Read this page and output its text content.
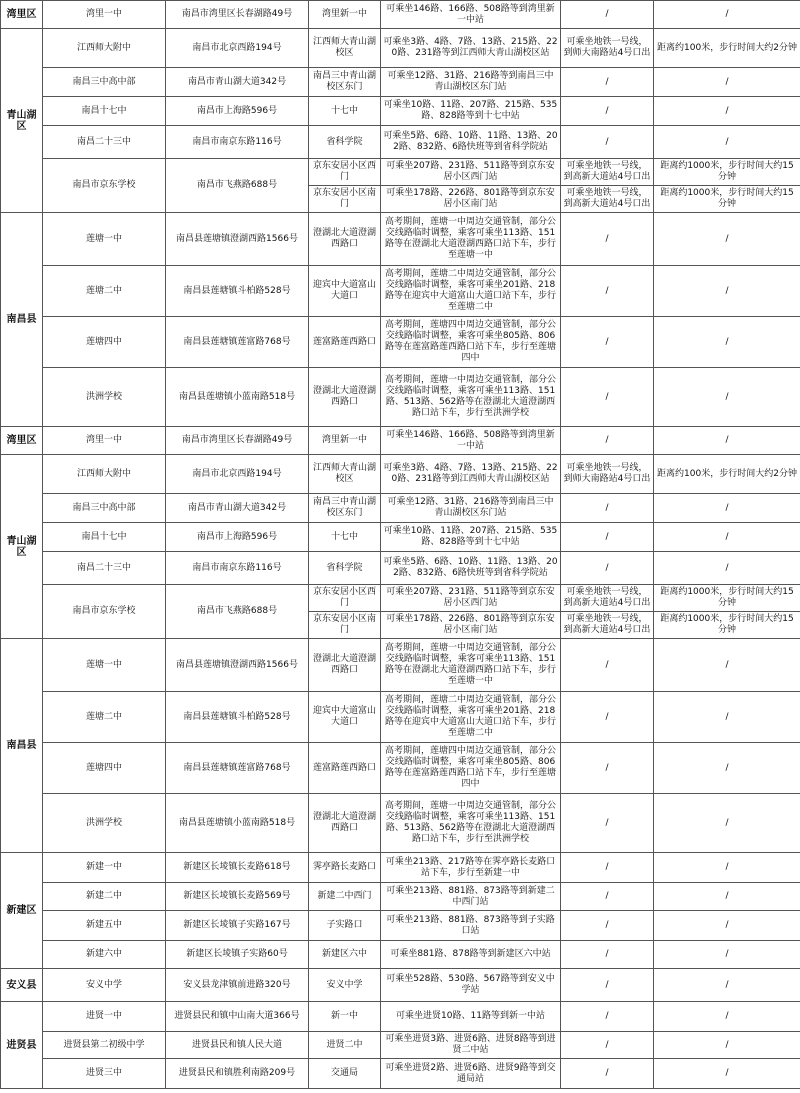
湾里区	湾里一中	南昌市湾里区长春湖路49号	湾里新一中	可乘坐146路、166路、508路等到湾里新一中站	/	/
青山湖区	江西师大附中	南昌市北京西路194号	江西师大青山湖校区	可乘坐3路、4路、7路、13路、215路、220路、231路等到江西师大青山湖校区站	可乘坐地铁一号线，到师大南路站4号口出	距离约100米，步行时间大约2分钟
	南昌三中高中部	南昌市青山湖大道342号	南昌三中青山湖校区东门	可乘坐12路、31路、216路等到南昌三中青山湖校区东门站	/	/
	南昌十七中	南昌市上海路596号	十七中	可乘坐10路、11路、207路、215路、535路、828路等到十七中站	/	/
	南昌二十三中	南昌市南京东路116号	省科学院	可乘坐5路、6路、10路、11路、13路、202路、832路、6路快班等到省科学院站	/	/
	南昌市京东学校	南昌市飞燕路688号	京东安居小区西门	可乘坐207路、231路、511路等到京东安居小区西门站	可乘坐地铁一号线，到高新大道站4号口出	距离约1000米，步行时间大约15分钟
			京东安居小区南门	可乘坐178路、226路、801路等到京东安居小区南门站	可乘坐地铁一号线，到高新大道站4号口出	距离约1000米，步行时间大约15分钟
南昌县	莲塘一中	南昌县莲塘镇澄湖西路1566号	澄湖北大道澄湖西路口	高考期间，莲塘一中周边交通管制，部分公交线路临时调整，乘客可乘坐113路、151路等在澄湖北大道澄湖西路口站下车，步行至莲塘一中	/	/
	莲塘二中	南昌县莲塘镇斗柏路528号	迎宾中大道富山大道口	高考期间，莲塘二中周边交通管制，部分公交线路临时调整，乘客可乘坐201路、218路等在迎宾中大道富山大道口站下车，步行至莲塘二中	/	/
	莲塘四中	南昌县莲塘镇莲富路768号	莲富路莲西路口	高考期间，莲塘四中周边交通管制，部分公交线路临时调整，乘客可乘坐805路、806路等在莲富路莲西路口站下车，步行至莲塘四中	/	/
	洪洲学校	南昌县莲塘镇小蓝南路518号	澄湖北大道澄湖西路口	高考期间，莲塘一中周边交通管制，部分公交线路临时调整，乘客可乘坐113路、151路、513路、562路等在澄湖北大道澄湖西路口站下车，步行至洪洲学校	/	/
湾里区	湾里一中	南昌市湾里区长春湖路49号	湾里新一中	可乘坐146路、166路、508路等到湾里新一中站	/	/
青山湖区	江西师大附中	南昌市北京西路194号	江西师大青山湖校区	可乘坐3路、4路、7路、13路、215路、220路、231路等到江西师大青山湖校区站	可乘坐地铁一号线，到师大南路站4号口出	距离约100米，步行时间大约2分钟
	南昌三中高中部	南昌市青山湖大道342号	南昌三中青山湖校区东门	可乘坐12路、31路、216路等到南昌三中青山湖校区东门站	/	/
	南昌十七中	南昌市上海路596号	十七中	可乘坐10路、11路、207路、215路、535路、828路等到十七中站	/	/
	南昌二十三中	南昌市南京东路116号	省科学院	可乘坐5路、6路、10路、11路、13路、202路、832路、6路快班等到省科学院站	/	/
	南昌市京东学校	南昌市飞燕路688号	京东安居小区西门	可乘坐207路、231路、511路等到京东安居小区西门站	可乘坐地铁一号线，到高新大道站4号口出	距离约1000米，步行时间大约15分钟
			京东安居小区南门	可乘坐178路、226路、801路等到京东安居小区南门站	可乘坐地铁一号线，到高新大道站4号口出	距离约1000米，步行时间大约15分钟
南昌县	莲塘一中	南昌县莲塘镇澄湖西路1566号	澄湖北大道澄湖西路口	高考期间，莲塘一中周边交通管制，部分公交线路临时调整，乘客可乘坐113路、151路等在澄湖北大道澄湖西路口站下车，步行至莲塘一中	/	/
	莲塘二中	南昌县莲塘镇斗柏路528号	迎宾中大道富山大道口	高考期间，莲塘二中周边交通管制，部分公交线路临时调整，乘客可乘坐201路、218路等在迎宾中大道富山大道口站下车，步行至莲塘二中	/	/
	莲塘四中	南昌县莲塘镇莲富路768号	莲富路莲西路口	高考期间，莲塘四中周边交通管制，部分公交线路临时调整，乘客可乘坐805路、806路等在莲富路莲西路口站下车，步行至莲塘四中	/	/
	洪洲学校	南昌县莲塘镇小蓝南路518号	澄湖北大道澄湖西路口	高考期间，莲塘一中周边交通管制，部分公交线路临时调整，乘客可乘坐113路、151路、513路、562路等在澄湖北大道澄湖西路口站下车，步行至洪洲学校	/	/
新建区	新建一中	新建区长堎镇长麦路618号	霁亭路长麦路口	可乘坐213路、217路等在霁亭路长麦路口站下车，步行至新建一中	/	/
	新建二中	新建区长堎镇长麦路569号	新建二中西门	可乘坐213路、881路、873路等到新建二中西门站	/	/
	新建五中	新建区长堎镇子实路167号	子实路口	可乘坐213路、881路、873路等到子实路口站	/	/
	新建六中	新建区长堎镇子实路60号	新建区六中	可乘坐881路、878路等到新建区六中站	/	/
安义县	安义中学	安义县龙津镇前进路320号	安义中学	可乘坐528路、530路、567路等到安义中学站	/	/
进贤县	进贤一中	进贤县民和镇中山南大道366号	新一中	可乘坐进贤10路、11路等到新一中站	/	/
	进贤县第二初级中学	进贤县民和镇人民大道	进贤二中	可乘坐进贤3路、进贤6路、进贤8路等到进贤二中站	/	/
	进贤三中	进贤县民和镇胜利南路209号	交通局	可乘坐进贤2路、进贤6路、进贤9路等到交通局站	/	/
